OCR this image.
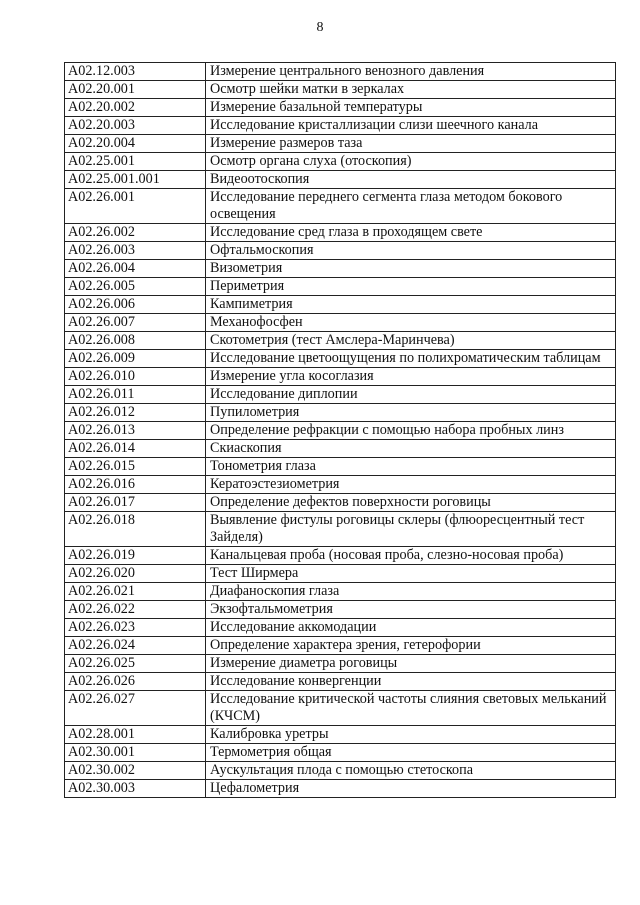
8
A02.12.003	Измерение центрального венозного давления
A02.20.001	Осмотр шейки матки в зеркалах
A02.20.002	Измерение базальной температуры
A02.20.003	Исследование кристаллизации слизи шеечного канала
A02.20.004	Измерение размеров таза
A02.25.001	Осмотр органа слуха (отоскопия)
A02.25.001.001	Видеоотоскопия
A02.26.001	Исследование переднего сегмента глаза методом бокового освещения
A02.26.002	Исследование сред глаза в проходящем свете
A02.26.003	Офтальмоскопия
A02.26.004	Визометрия
A02.26.005	Периметрия
A02.26.006	Кампиметрия
A02.26.007	Механофосфен
A02.26.008	Скотометрия (тест Амслера-Маринчева)
A02.26.009	Исследование цветоощущения по полихроматическим таблицам
A02.26.010	Измерение угла косоглазия
A02.26.011	Исследование диплопии
A02.26.012	Пупилометрия
A02.26.013	Определение рефракции с помощью набора пробных линз
A02.26.014	Скиаскопия
A02.26.015	Тонометрия глаза
A02.26.016	Кератоэстезиометрия
A02.26.017	Определение дефектов поверхности роговицы
A02.26.018	Выявление фистулы роговицы склеры (флюоресцентный тест Зайделя)
A02.26.019	Канальцевая проба (носовая проба, слезно-носовая проба)
A02.26.020	Тест Ширмера
A02.26.021	Диафаноскопия глаза
A02.26.022	Экзофтальмометрия
A02.26.023	Исследование аккомодации
A02.26.024	Определение характера зрения, гетерофории
A02.26.025	Измерение диаметра роговицы
A02.26.026	Исследование конвергенции
A02.26.027	Исследование критической частоты слияния световых мельканий (КЧСМ)
A02.28.001	Калибровка уретры
A02.30.001	Термометрия общая
A02.30.002	Аускультация плода с помощью стетоскопа
A02.30.003	Цефалометрия
